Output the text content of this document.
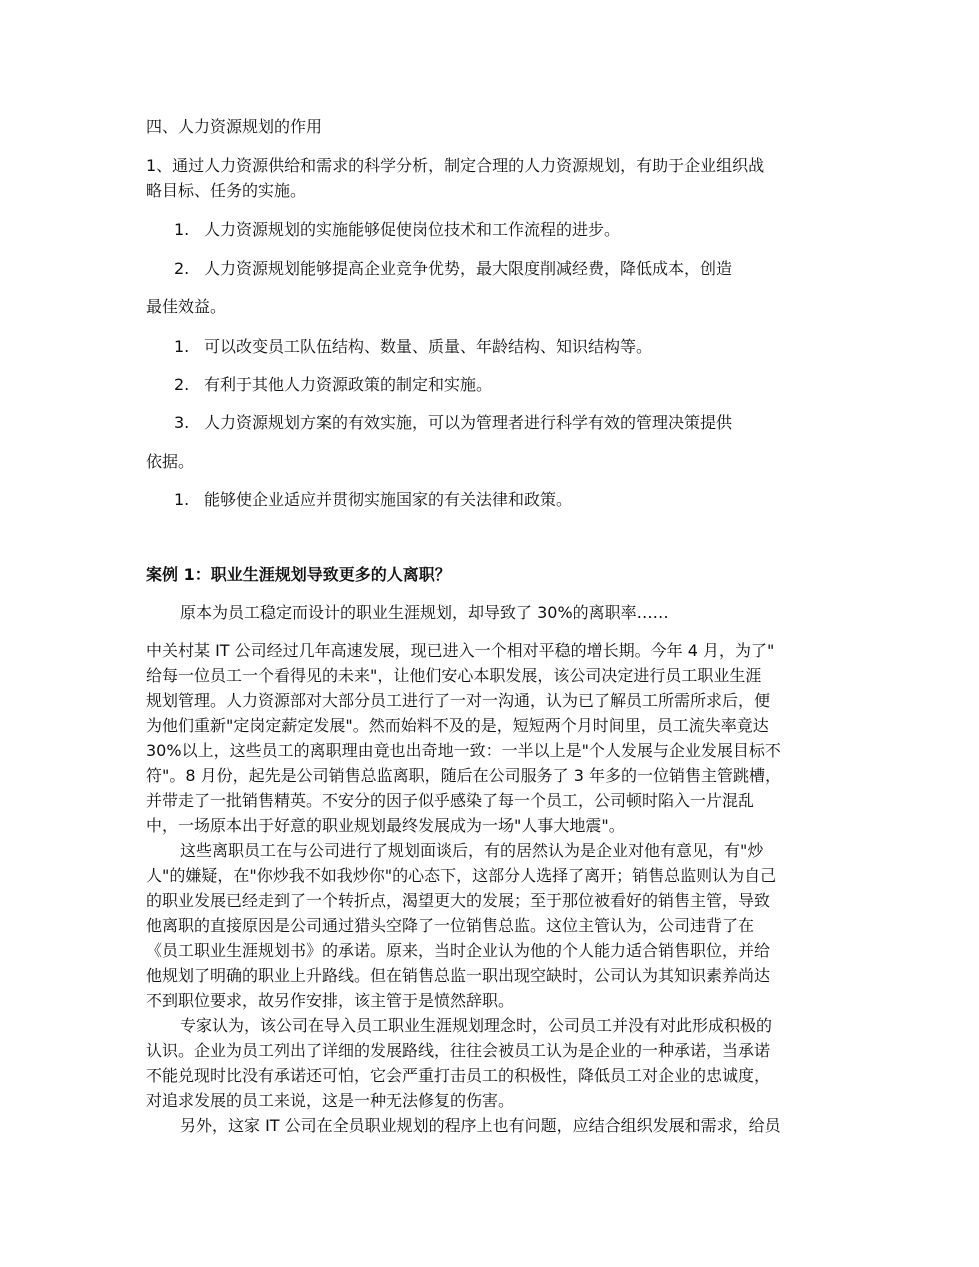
四、人力资源规划的作用
1、通过人力资源供给和需求的科学分析，制定合理的人力资源规划，有助于企业组织战
略目标、任务的实施。
1. 人力资源规划的实施能够促使岗位技术和工作流程的进步。
2. 人力资源规划能够提高企业竞争优势，最大限度削减经费，降低成本，创造
最佳效益。
1. 可以改变员工队伍结构、数量、质量、年龄结构、知识结构等。
2. 有利于其他人力资源政策的制定和实施。
3. 人力资源规划方案的有效实施，可以为管理者进行科学有效的管理决策提供
依据。
1. 能够使企业适应并贯彻实施国家的有关法律和政策。
案例 1：职业生涯规划导致更多的人离职？
原本为员工稳定而设计的职业生涯规划，却导致了 30%的离职率……
中关村某 IT 公司经过几年高速发展，现已进入一个相对平稳的增长期。今年 4 月，为了"
给每一位员工一个看得见的未来"，让他们安心本职发展，该公司决定进行员工职业生涯
规划管理。人力资源部对大部分员工进行了一对一沟通，认为已了解员工所需所求后，便
为他们重新"定岗定薪定发展"。然而始料不及的是，短短两个月时间里，员工流失率竟达
30%以上，这些员工的离职理由竟也出奇地一致：一半以上是"个人发展与企业发展目标不
符"。8 月份，起先是公司销售总监离职，随后在公司服务了 3 年多的一位销售主管跳槽，
并带走了一批销售精英。不安分的因子似乎感染了每一个员工，公司顿时陷入一片混乱
中，一场原本出于好意的职业规划最终发展成为一场"人事大地震"。
这些离职员工在与公司进行了规划面谈后，有的居然认为是企业对他有意见，有"炒
人"的嫌疑，在"你炒我不如我炒你"的心态下，这部分人选择了离开；销售总监则认为自己
的职业发展已经走到了一个转折点，渴望更大的发展；至于那位被看好的销售主管，导致
他离职的直接原因是公司通过猎头空降了一位销售总监。这位主管认为，公司违背了在
《员工职业生涯规划书》的承诺。原来，当时企业认为他的个人能力适合销售职位，并给
他规划了明确的职业上升路线。但在销售总监一职出现空缺时，公司认为其知识素养尚达
不到职位要求，故另作安排，该主管于是愤然辞职。
专家认为，该公司在导入员工职业生涯规划理念时，公司员工并没有对此形成积极的
认识。企业为员工列出了详细的发展路线，往往会被员工认为是企业的一种承诺，当承诺
不能兑现时比没有承诺还可怕，它会严重打击员工的积极性，降低员工对企业的忠诚度，
对追求发展的员工来说，这是一种无法修复的伤害。
另外，这家 IT 公司在全员职业规划的程序上也有问题，应结合组织发展和需求，给员
